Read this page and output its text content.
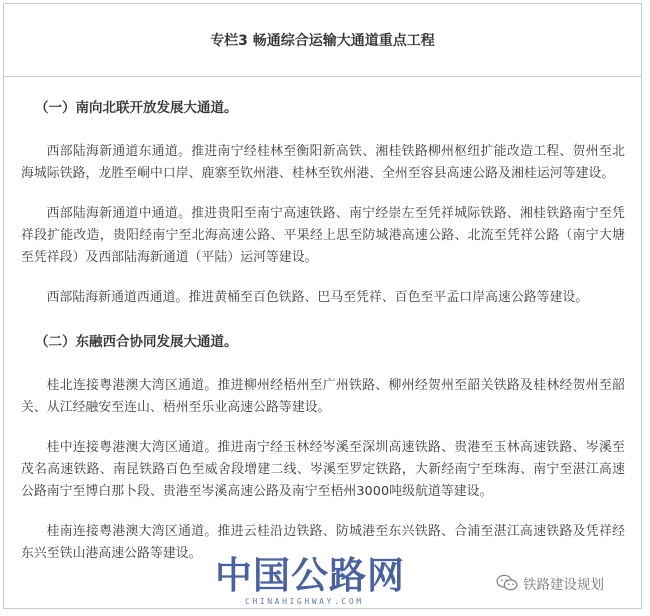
专栏3 畅通综合运输大通道重点工程
（一）南向北联开放发展大通道。

西部陆海新通道东通道。推进南宁经桂林至衡阳新高铁、湘桂铁路柳州枢纽扩能改造工程、贺州至北海城际铁路，龙胜至峒中口岸、鹿寨至钦州港、桂林至钦州港、全州至容县高速公路及湘桂运河等建设。

西部陆海新通道中通道。推进贵阳至南宁高速铁路、南宁经崇左至凭祥城际铁路、湘桂铁路南宁至凭祥段扩能改造，贵阳经南宁至北海高速公路、平果经上思至防城港高速公路、北流至凭祥公路（南宁大塘至凭祥段）及西部陆海新通道（平陆）运河等建设。

西部陆海新通道西通道。推进黄桶至百色铁路、巴马至凭祥、百色至平孟口岸高速公路等建设。

（二）东融西合协同发展大通道。

桂北连接粤港澳大湾区通道。推进柳州经梧州至广州铁路、柳州经贺州至韶关铁路及桂林经贺州至韶关、从江经融安至连山、梧州至乐业高速公路等建设。

桂中连接粤港澳大湾区通道。推进南宁经玉林经岑溪至深圳高速铁路、贵港至玉林高速铁路、岑溪至茂名高速铁路、南昆铁路百色至威舍段增建二线、岑溪至罗定铁路，大新经南宁至珠海、南宁至湛江高速公路南宁至博白那卜段、贵港至岑溪高速公路及南宁至梧州3000吨级航道等建设。

桂南连接粤港澳大湾区通道。推进云桂沿边铁路、防城港至东兴铁路、合浦至湛江高速铁路及凭祥经东兴至铁山港高速公路等建设。

中国公路网
CHINAHIGHWAY.COM
铁路建设规划
